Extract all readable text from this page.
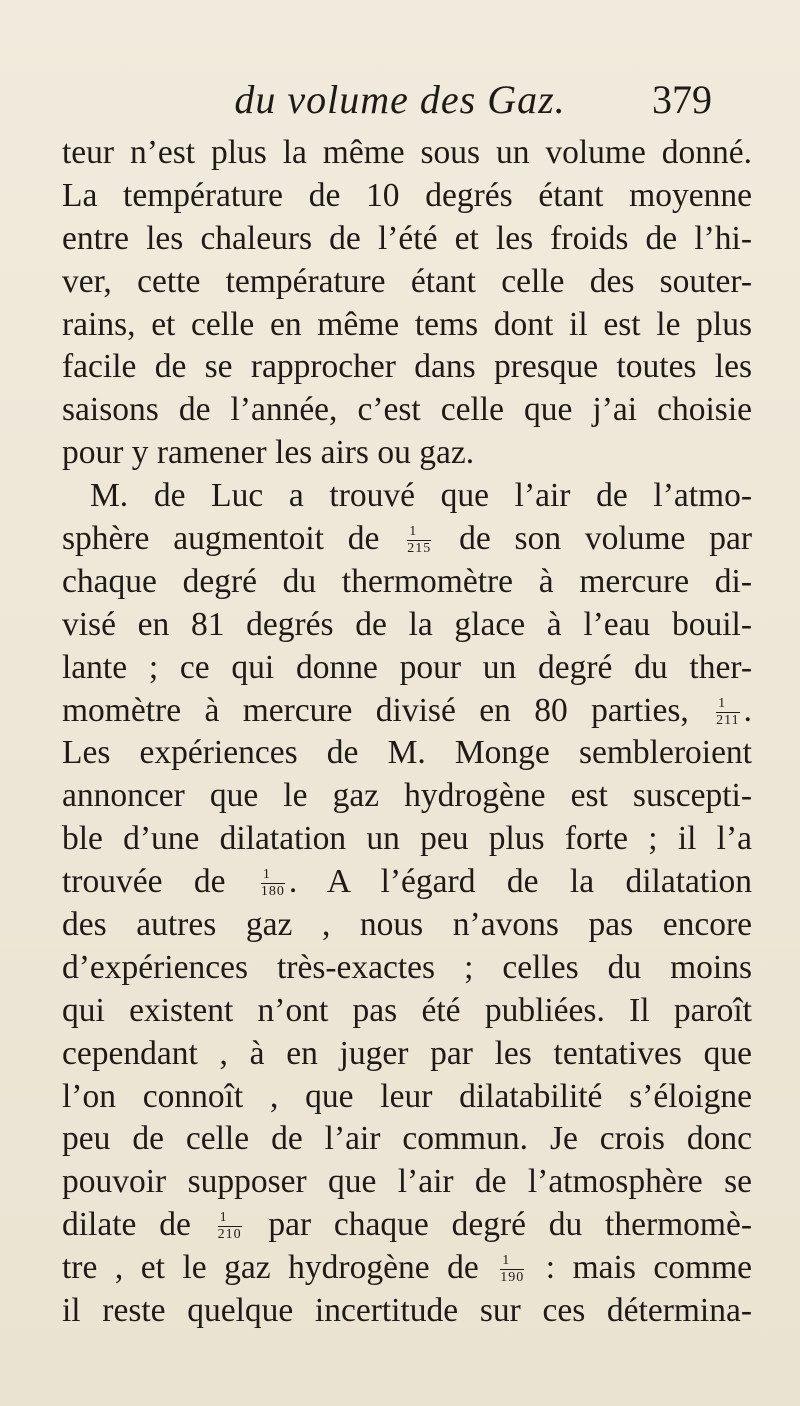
du volume des Gaz.	379
teur n’est plus la même sous un volume donné.
La température de 10 degrés étant moyenne
entre les chaleurs de l’été et les froids de l’hi-
ver, cette température étant celle des souter-
rains, et celle en même tems dont il est le plus
facile de se rapprocher dans presque toutes les
saisons de l’année, c’est celle que j’ai choisie
pour y ramener les airs ou gaz.
M. de Luc a trouvé que l’air de l’atmo-
sphère augmentoit de $\frac{1}{215}$ de son volume par
chaque degré du thermomètre à mercure di-
visé en 81 degrés de la glace à l’eau bouil-
lante ; ce qui donne pour un degré du ther-
momètre à mercure divisé en 80 parties, $\frac{1}{211}$ .
Les expériences de M. Monge sembleroient
annoncer que le gaz hydrogène est suscepti-
ble d’une dilatation un peu plus forte ; il l’a
trouvée de	$\frac{1}{180}$ . A l’égard de la dilatation
des autres gaz , nous n’avons pas encore
d’expériences très-exactes ; celles du moins
qui existent n’ont pas été publiées. Il paroît
cependant , à en juger par les tentatives que
l’on connoît , que leur dilatabilité s’éloigne
peu de celle de l’air commun. Je crois donc
pouvoir supposer que l’air de l’atmosphère se
dilate de $\frac{1}{210}$ par chaque degré du thermomè-
tre , et le gaz hydrogène de $\frac{1}{190}$ : mais comme
il reste quelque incertitude sur ces détermina-
